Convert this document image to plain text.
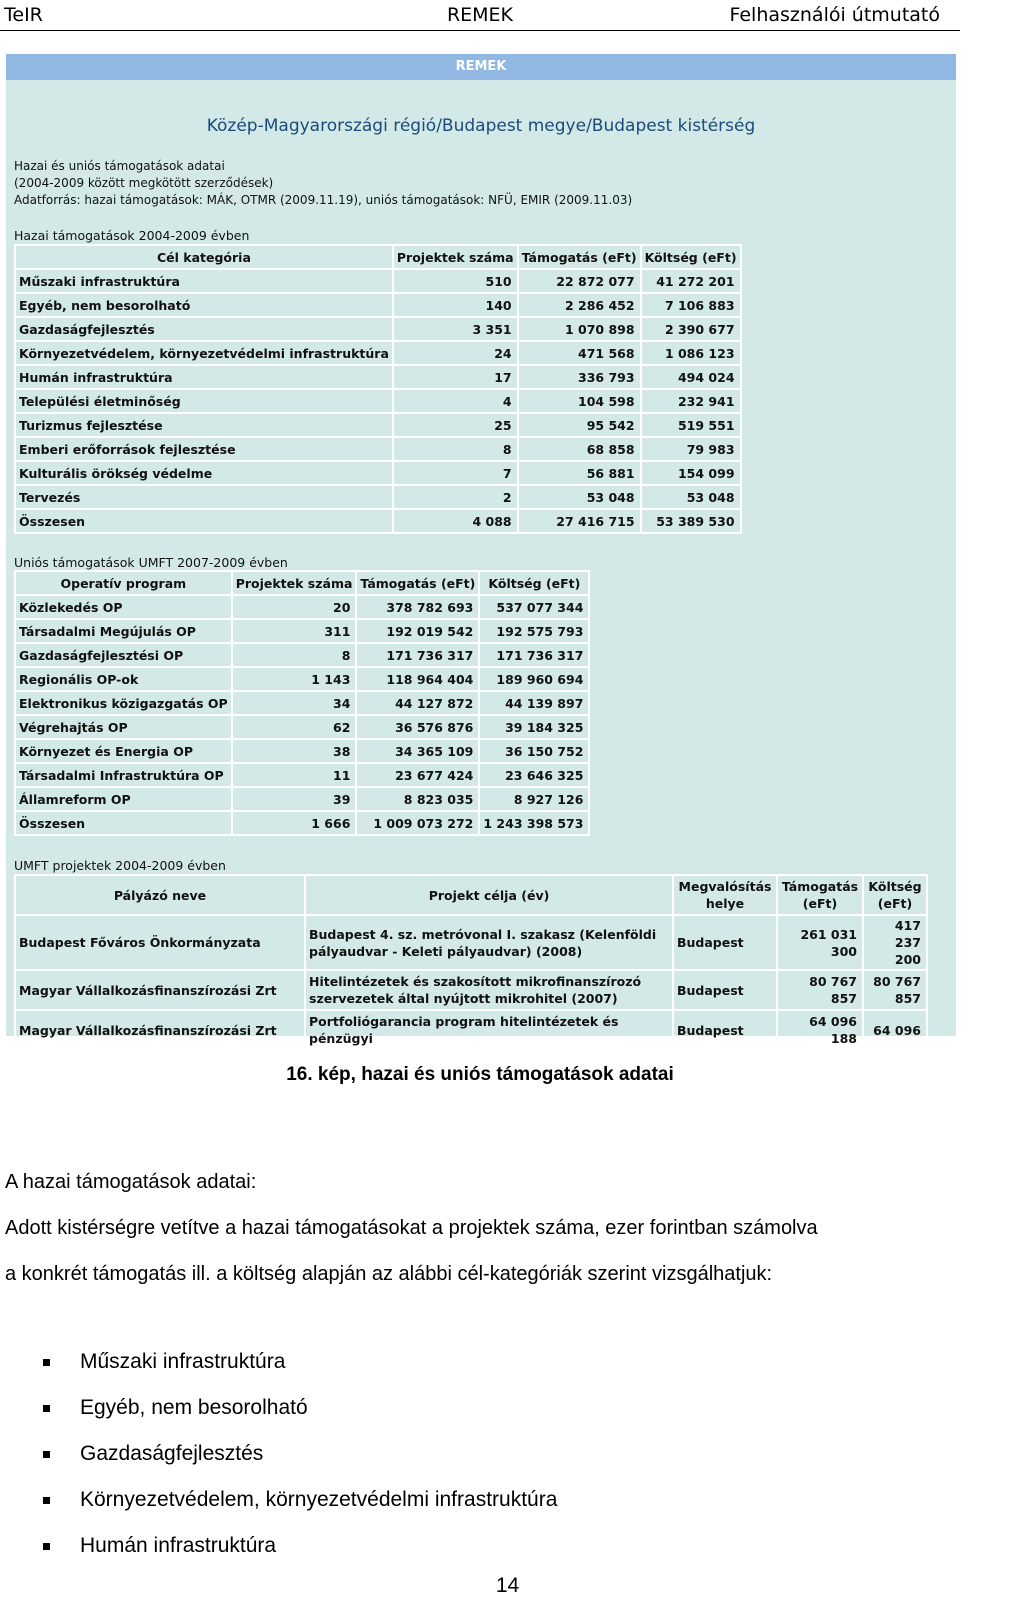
TeIR	REMEK	Felhasználói útmutató
REMEK
Közép-Magyarországi régió/Budapest megye/Budapest kistérség
Hazai és uniós támogatások adatai
(2004-2009 között megkötött szerződések)
Adatforrás: hazai támogatások: MÁK, OTMR (2009.11.19), uniós támogatások: NFÜ, EMIR (2009.11.03)
Hazai támogatások 2004-2009 évben
Cél kategória	Projektek száma	Támogatás (eFt)	Költség (eFt)
Műszaki infrastruktúra	510	22 872 077	41 272 201
Egyéb, nem besorolható	140	2 286 452	7 106 883
Gazdaságfejlesztés	3 351	1 070 898	2 390 677
Környezetvédelem, környezetvédelmi infrastruktúra	24	471 568	1 086 123
Humán infrastruktúra	17	336 793	494 024
Települési életminőség	4	104 598	232 941
Turizmus fejlesztése	25	95 542	519 551
Emberi erőforrások fejlesztése	8	68 858	79 983
Kulturális örökség védelme	7	56 881	154 099
Tervezés	2	53 048	53 048
Összesen	4 088	27 416 715	53 389 530
Uniós támogatások UMFT 2007-2009 évben
Operatív program	Projektek száma	Támogatás (eFt)	Költség (eFt)
Közlekedés OP	20	378 782 693	537 077 344
Társadalmi Megújulás OP	311	192 019 542	192 575 793
Gazdaságfejlesztési OP	8	171 736 317	171 736 317
Regionális OP-ok	1 143	118 964 404	189 960 694
Elektronikus közigazgatás OP	34	44 127 872	44 139 897
Végrehajtás OP	62	36 576 876	39 184 325
Környezet és Energia OP	38	34 365 109	36 150 752
Társadalmi Infrastruktúra OP	11	23 677 424	23 646 325
Államreform OP	39	8 823 035	8 927 126
Összesen	1 666	1 009 073 272	1 243 398 573
UMFT projektek 2004-2009 évben
Pályázó neve	Projekt célja (év)	Megvalósítás helye	Támogatás (eFt)	Költség (eFt)
Budapest Főváros Önkormányzata	Budapest 4. sz. metróvonal I. szakasz (Kelenföldi pályaudvar - Keleti pályaudvar) (2008)	Budapest	261 031 300	417 237 200
Magyar Vállalkozásfinanszírozási Zrt	Hitelintézetek és szakosított mikrofinanszírozó szervezetek által nyújtott mikrohitel (2007)	Budapest	80 767 857	80 767 857
Magyar Vállalkozásfinanszírozási Zrt	Portfoliógarancia program hitelintézetek és pénzügyi	Budapest	64 096 188	64 096
16. kép, hazai és uniós támogatások adatai
A hazai támogatások adatai:
Adott kistérségre vetítve a hazai támogatásokat a projektek száma, ezer forintban számolva
a konkrét támogatás ill. a költség alapján az alábbi cél-kategóriák szerint vizsgálhatjuk:
Műszaki infrastruktúra
Egyéb, nem besorolható
Gazdaságfejlesztés
Környezetvédelem, környezetvédelmi infrastruktúra
Humán infrastruktúra
14
